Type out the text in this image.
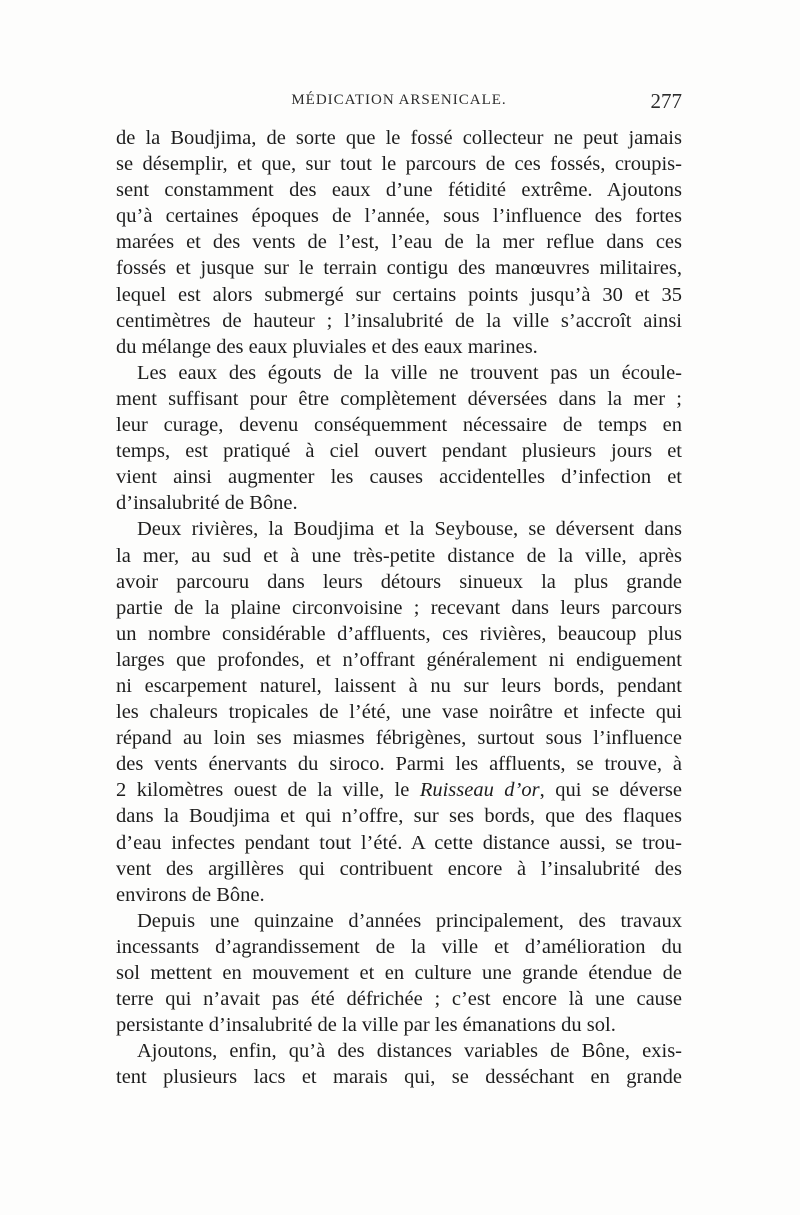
MÉDICATION ARSENICALE.	277
de la Boudjima, de sorte que le fossé collecteur ne peut jamais
se désemplir, et que, sur tout le parcours de ces fossés, croupis-
sent constamment des eaux d’une fétidité extrême. Ajoutons
qu’à certaines époques de l’année, sous l’influence des fortes
marées et des vents de l’est, l’eau de la mer reflue dans ces
fossés et jusque sur le terrain contigu des manœuvres militaires,
lequel est alors submergé sur certains points jusqu’à 30 et 35
centimètres de hauteur ; l’insalubrité de la ville s’accroît ainsi
du mélange des eaux pluviales et des eaux marines.
Les eaux des égouts de la ville ne trouvent pas un écoule-
ment suffisant pour être complètement déversées dans la mer ;
leur curage, devenu conséquemment nécessaire de temps en
temps, est pratiqué à ciel ouvert pendant plusieurs jours et
vient ainsi augmenter les causes accidentelles d’infection et
d’insalubrité de Bône.
Deux rivières, la Boudjima et la Seybouse, se déversent dans
la mer, au sud et à une très-petite distance de la ville, après
avoir parcouru dans leurs détours sinueux la plus grande
partie de la plaine circonvoisine ; recevant dans leurs parcours
un nombre considérable d’affluents, ces rivières, beaucoup plus
larges que profondes, et n’offrant généralement ni endiguement
ni escarpement naturel, laissent à nu sur leurs bords, pendant
les chaleurs tropicales de l’été, une vase noirâtre et infecte qui
répand au loin ses miasmes fébrigènes, surtout sous l’influence
des vents énervants du siroco. Parmi les affluents, se trouve, à
2 kilomètres ouest de la ville, le Ruisseau d’or, qui se déverse
dans la Boudjima et qui n’offre, sur ses bords, que des flaques
d’eau infectes pendant tout l’été. A cette distance aussi, se trou-
vent des argillères qui contribuent encore à l’insalubrité des
environs de Bône.
Depuis une quinzaine d’années principalement, des travaux
incessants d’agrandissement de la ville et d’amélioration du
sol mettent en mouvement et en culture une grande étendue de
terre qui n’avait pas été défrichée ; c’est encore là une cause
persistante d’insalubrité de la ville par les émanations du sol.
Ajoutons, enfin, qu’à des distances variables de Bône, exis-
tent plusieurs lacs et marais qui, se desséchant en grande
